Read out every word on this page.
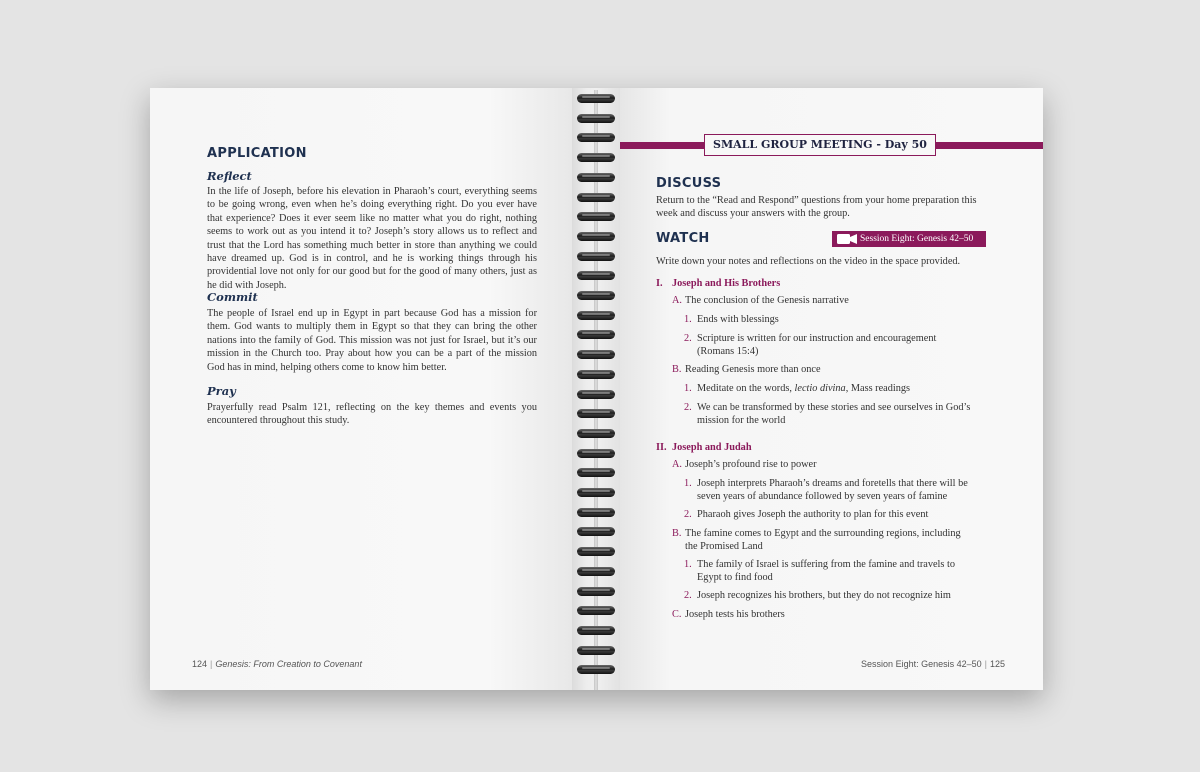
APPLICATION
Reflect

In the life of Joseph, before his elevation in Pharaoh’s court, everything seems to be going wrong, even when he’s doing everything right. Do you ever have that experience? Does it ever seem like no matter what you do right, nothing seems to work out as you intend it to? Joseph’s story allows us to reflect and trust that the Lord has something much better in store than anything we could have dreamed up. God is in control, and he is working things through his providential love not only for our good but for the good of many others, just as he did with Joseph.

Commit

The people of Israel end up in Egypt in part because God has a mission for them. God wants to multiply them in Egypt so that they can bring the other nations into the family of God. This mission was not just for Israel, but it’s our mission in the Church too. Pray about how you can be a part of the mission God has in mind, helping others come to know him better.

Pray

Prayerfully read Psalm 121, reflecting on the key themes and events you encountered throughout this study.

124 | Genesis: From Creation to Covenant
SMALL GROUP MEETING - Day 50
DISCUSS

Return to the “Read and Respond” questions from your home preparation this week and discuss your answers with the group.

WATCH	Session Eight: Genesis 42–50

Write down your notes and reflections on the video in the space provided.

I. Joseph and His Brothers
A. The conclusion of the Genesis narrative
1. Ends with blessings
2. Scripture is written for our instruction and encouragement
(Romans 15:4)
B. Reading Genesis more than once
1. Meditate on the words, lectio divina, Mass readings
2. We can be transformed by these stories and see ourselves in God’s
mission for the world
II. Joseph and Judah
A. Joseph’s profound rise to power
1. Joseph interprets Pharaoh’s dreams and foretells that there will be
seven years of abundance followed by seven years of famine
2. Pharaoh gives Joseph the authority to plan for this event
B. The famine comes to Egypt and the surrounding regions, including
the Promised Land
1. The family of Israel is suffering from the famine and travels to
Egypt to find food
2. Joseph recognizes his brothers, but they do not recognize him
C. Joseph tests his brothers
Session Eight: Genesis 42–50 | 125
